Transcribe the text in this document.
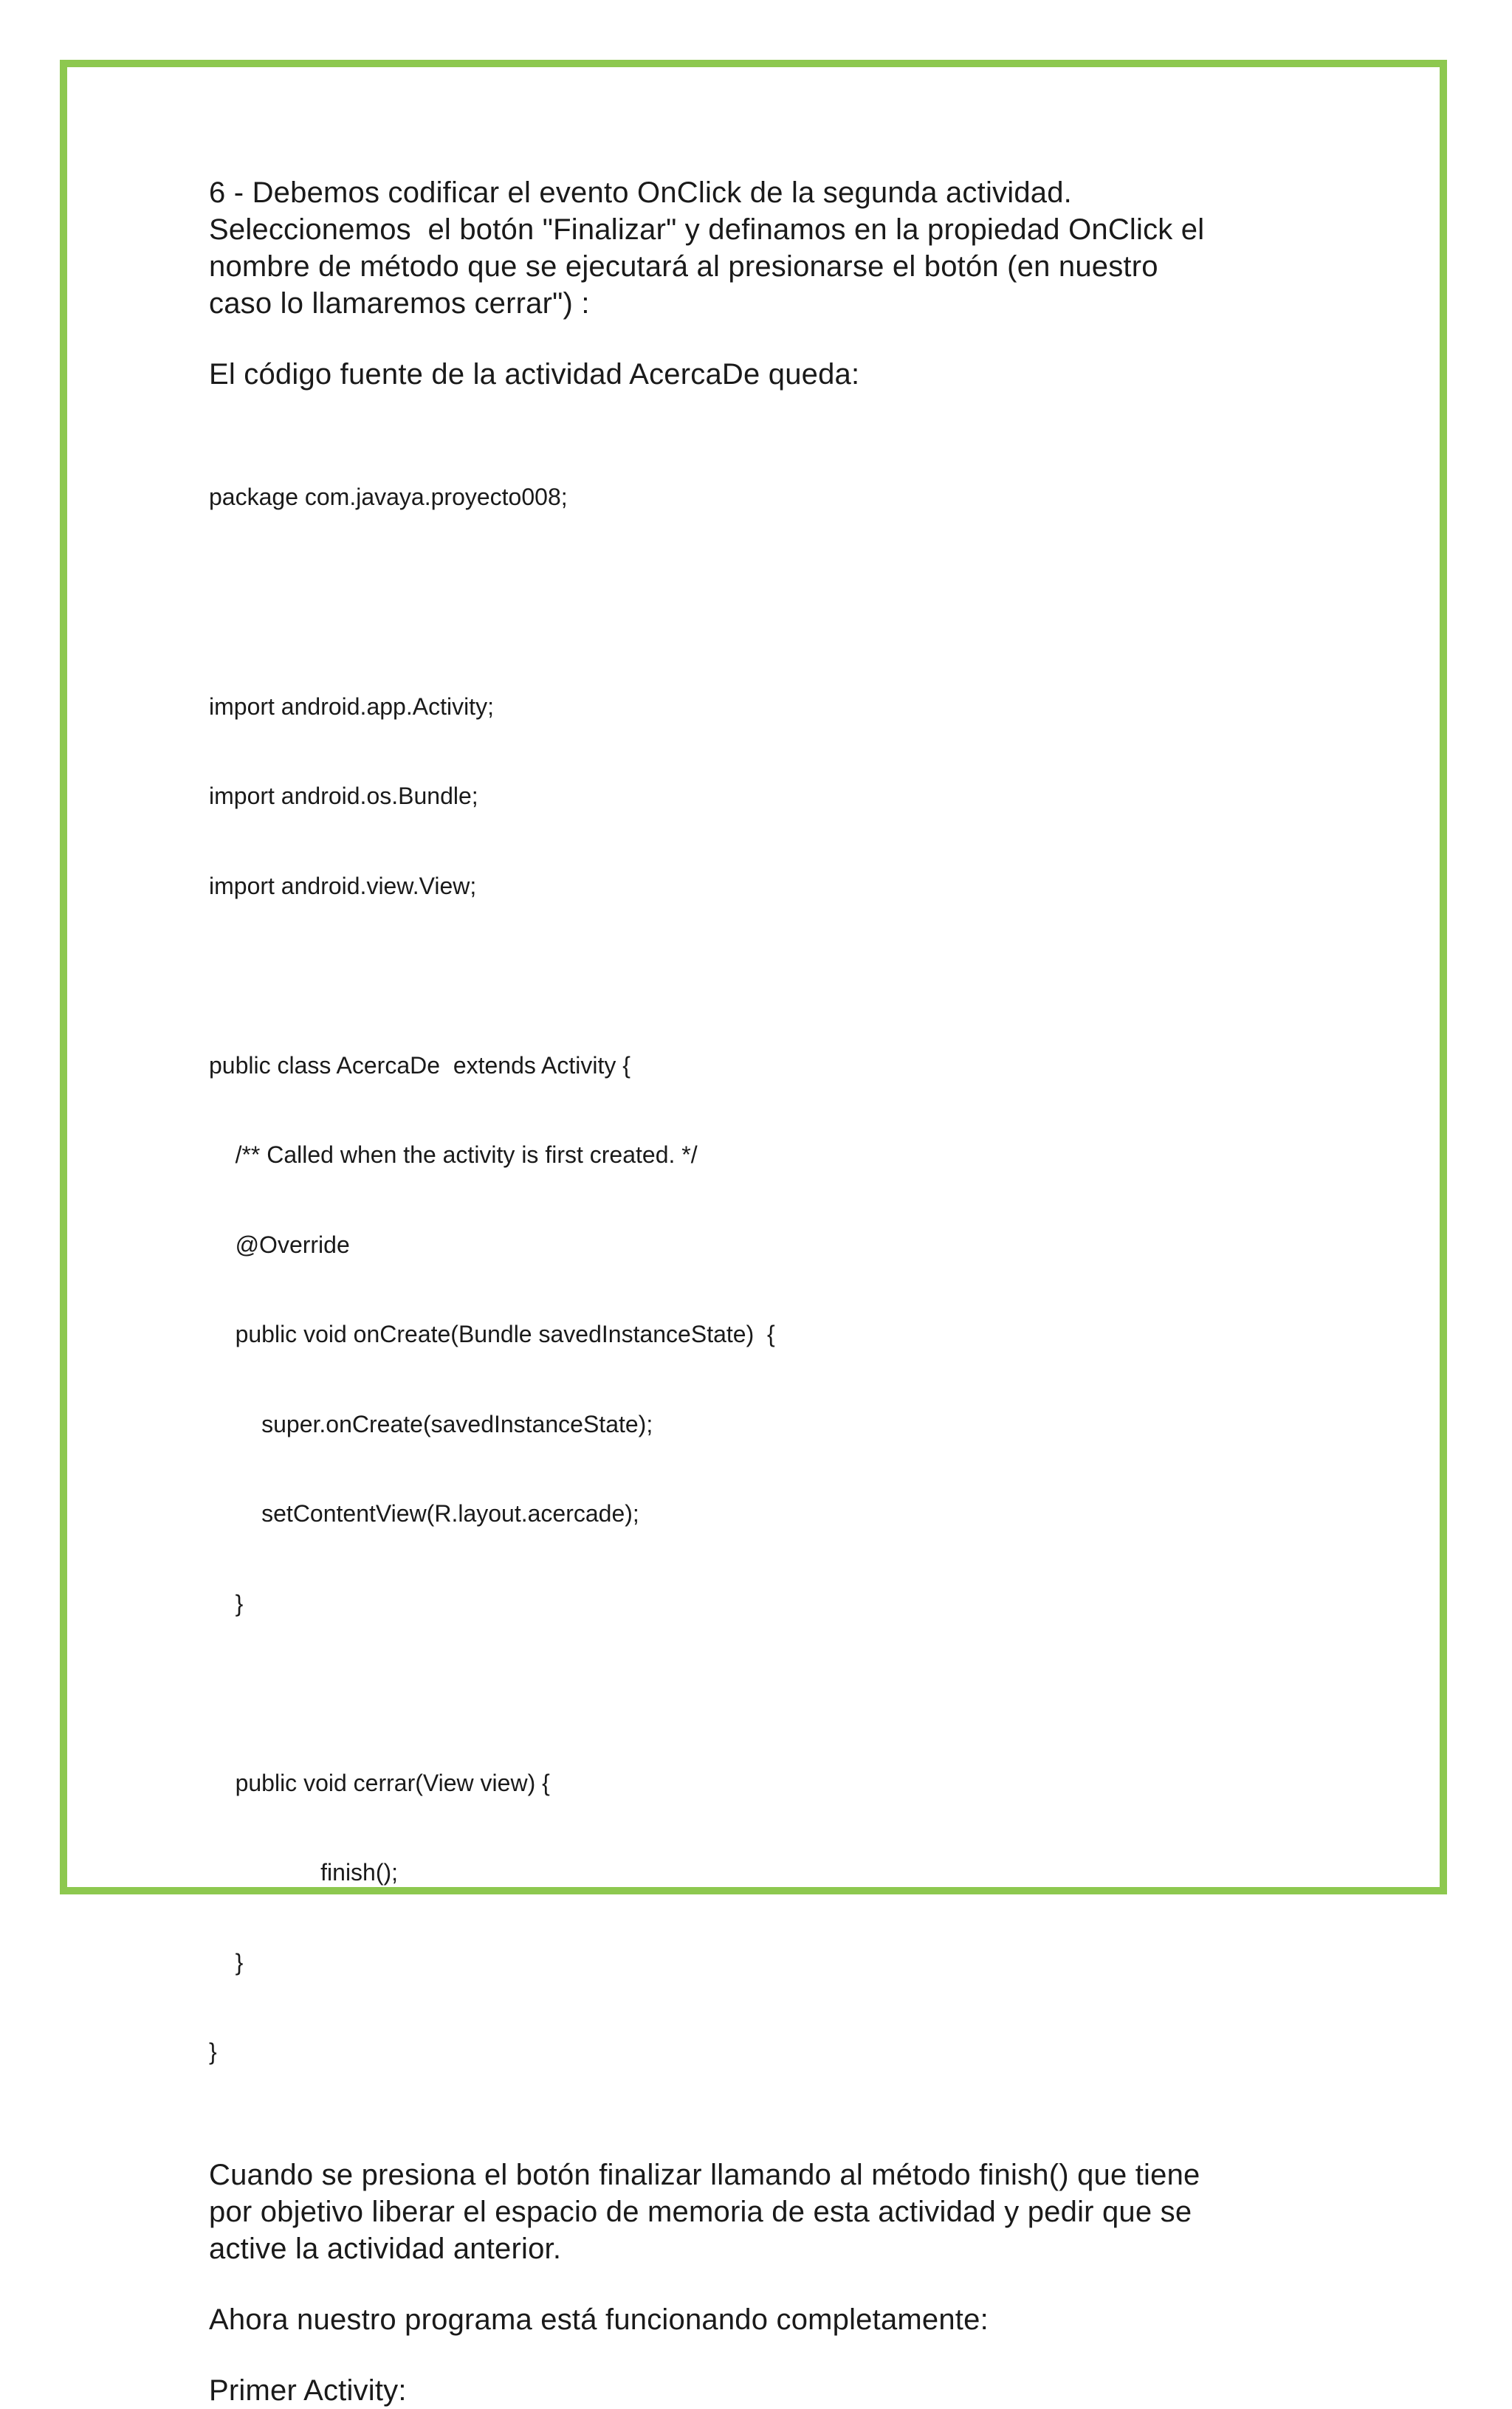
6 - Debemos codificar el evento OnClick de la segunda actividad.
Seleccionemos  el botón "Finalizar" y definamos en la propiedad OnClick el
nombre de método que se ejecutará al presionarse el botón (en nuestro
caso lo llamaremos cerrar") :

El código fuente de la actividad AcercaDe queda:

package com.javaya.proyecto008;

import android.app.Activity;

import android.os.Bundle;

import android.view.View;

public class AcercaDe  extends Activity {

/** Called when the activity is first created. */

@Override

public void onCreate(Bundle savedInstanceState)  {

super.onCreate(savedInstanceState);

setContentView(R.layout.acercade);

}

public void cerrar(View view) {

finish();

}

}

Cuando se presiona el botón finalizar llamando al método finish() que tiene
por objetivo liberar el espacio de memoria de esta actividad y pedir que se
active la actividad anterior.

Ahora nuestro programa está funcionando completamente:

Primer Activity:
